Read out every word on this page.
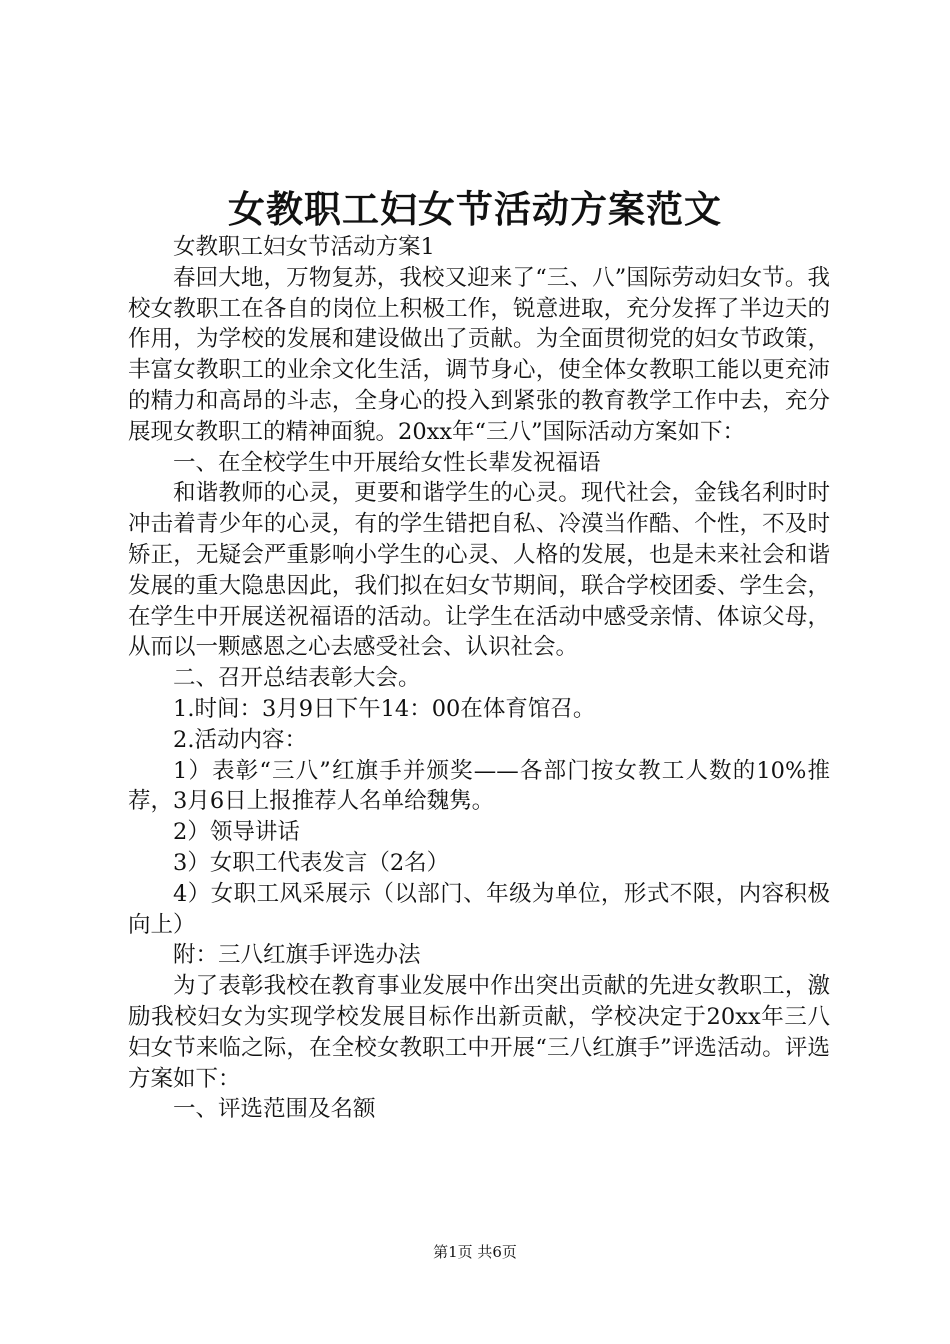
女教职工妇女节活动方案范文

女教职工妇女节活动方案1

春回大地，万物复苏，我校又迎来了“三、八”国际劳动妇女节。我校女教职工在各自的岗位上积极工作，锐意进取，充分发挥了半边天的作用，为学校的发展和建设做出了贡献。为全面贯彻党的妇女节政策，丰富女教职工的业余文化生活，调节身心，使全体女教职工能以更充沛的精力和高昂的斗志，全身心的投入到紧张的教育教学工作中去，充分展现女教职工的精神面貌。20xx年“三八”国际活动方案如下：

一、在全校学生中开展给女性长辈发祝福语

和谐教师的心灵，更要和谐学生的心灵。现代社会，金钱名利时时冲击着青少年的心灵，有的学生错把自私、冷漠当作酷、个性，不及时矫正，无疑会严重影响小学生的心灵、人格的发展，也是未来社会和谐发展的重大隐患因此，我们拟在妇女节期间，联合学校团委、学生会，在学生中开展送祝福语的活动。让学生在活动中感受亲情、体谅父母，从而以一颗感恩之心去感受社会、认识社会。

二、召开总结表彰大会。

1.时间：3月9日下午14：00在体育馆召。

2.活动内容：

1）表彰“三八”红旗手并颁奖——各部门按女教工人数的10%推荐，3月6日上报推荐人名单给魏隽。

2）领导讲话

3）女职工代表发言（2名）

4）女职工风采展示（以部门、年级为单位，形式不限，内容积极向上）

附：三八红旗手评选办法

为了表彰我校在教育事业发展中作出突出贡献的先进女教职工，激励我校妇女为实现学校发展目标作出新贡献，学校决定于20xx年三八妇女节来临之际，在全校女教职工中开展“三八红旗手”评选活动。评选方案如下：

一、评选范围及名额

第1页 共6页
